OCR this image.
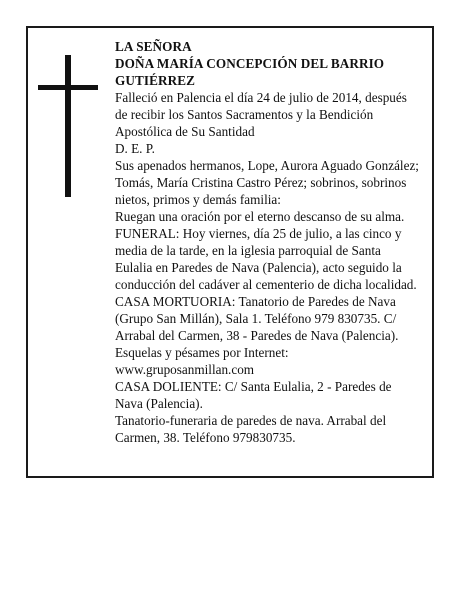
LA SEÑORA

DOÑA MARÍA CONCEPCIÓN DEL BARRIO GUTIÉRREZ

Falleció en Palencia el día 24 de julio de 2014, después de recibir los Santos Sacramentos y la Bendición Apostólica de Su Santidad

D. E. P.

Sus apenados hermanos, Lope, Aurora Aguado González; Tomás, María Cristina Castro Pérez; sobrinos, sobrinos nietos, primos y demás familia:

Ruegan una oración por el eterno descanso de su alma.

FUNERAL: Hoy viernes, día 25 de julio, a las cinco y media de la tarde, en la iglesia parroquial de Santa Eulalia en Paredes de Nava (Palencia), acto seguido la conducción del cadáver al cementerio de dicha localidad.

CASA MORTUORIA: Tanatorio de Paredes de Nava (Grupo San Millán), Sala 1. Teléfono 979 830735. C/ Arrabal del Carmen, 38 - Paredes de Nava (Palencia).

Esquelas y pésames por Internet:

www.gruposanmillan.com

CASA DOLIENTE: C/ Santa Eulalia, 2 - Paredes de Nava (Palencia).

Tanatorio-funeraria de paredes de nava. Arrabal del Carmen, 38. Teléfono 979830735.
